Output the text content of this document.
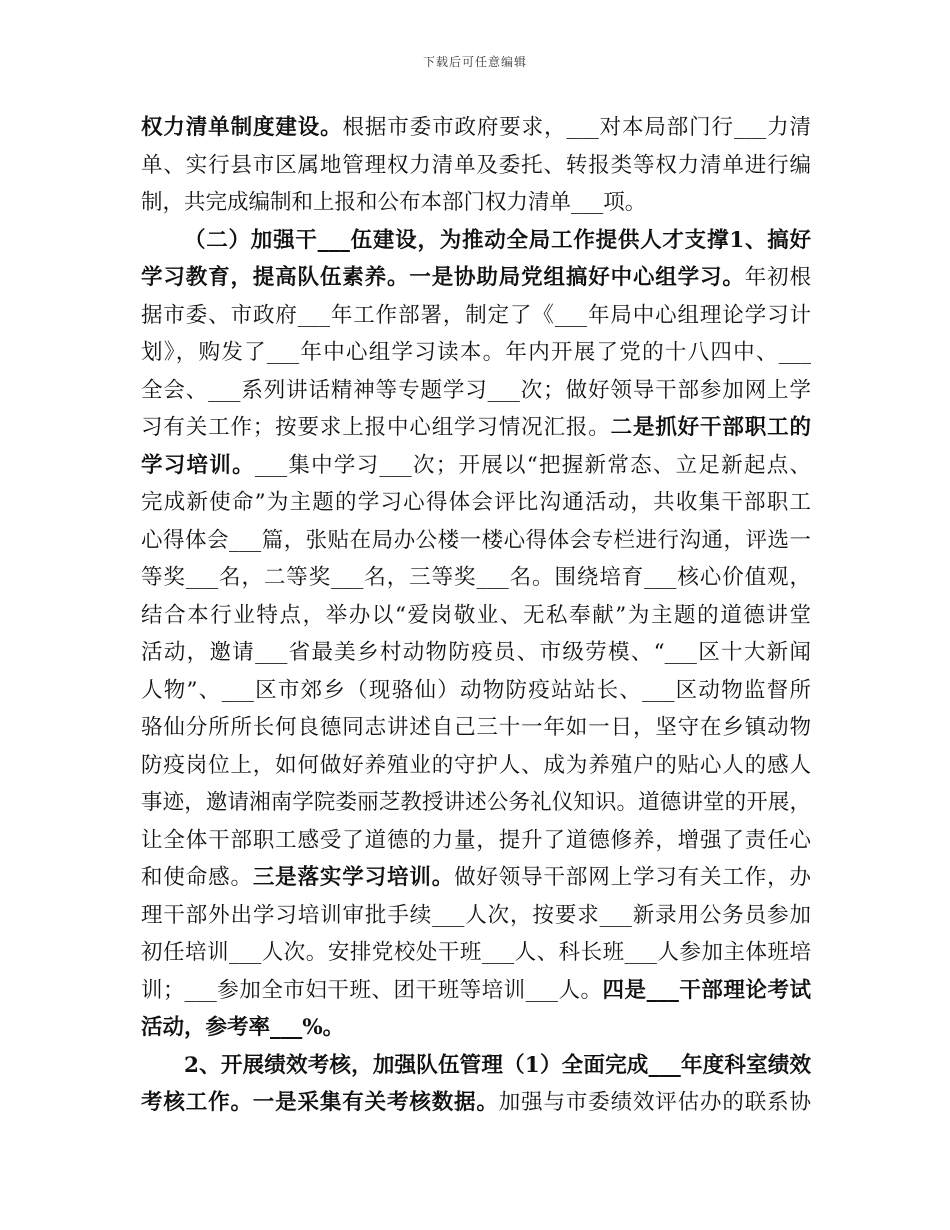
下载后可任意编辑
权力清单制度建设。根据市委市政府要求，___对本局部门行___力清
单、实行县市区属地管理权力清单及委托、转报类等权力清单进行编
制，共完成编制和上报和公布本部门权力清单___项。
（二）加强干___伍建设，为推动全局工作提供人才支撑1、搞好
学习教育，提高队伍素养。一是协助局党组搞好中心组学习。年初根
据市委、市政府___年工作部署，制定了《___年局中心组理论学习计
划》，购发了___年中心组学习读本。年内开展了党的十八四中、___
全会、___系列讲话精神等专题学习___次；做好领导干部参加网上学
习有关工作；按要求上报中心组学习情况汇报。二是抓好干部职工的
学习培训。___集中学习___次；开展以“把握新常态、立足新起点、
完成新使命”为主题的学习心得体会评比沟通活动，共收集干部职工
心得体会___篇，张贴在局办公楼一楼心得体会专栏进行沟通，评选一
等奖___名，二等奖___名，三等奖___名。围绕培育___核心价值观，
结合本行业特点，举办以“爱岗敬业、无私奉献”为主题的道德讲堂
活动，邀请___省最美乡村动物防疫员、市级劳模、“___区十大新闻
人物”、___区市郊乡（现骆仙）动物防疫站站长、___区动物监督所
骆仙分所所长何良德同志讲述自己三十一年如一日，坚守在乡镇动物
防疫岗位上，如何做好养殖业的守护人、成为养殖户的贴心人的感人
事迹，邀请湘南学院娄丽芝教授讲述公务礼仪知识。道德讲堂的开展，
让全体干部职工感受了道德的力量，提升了道德修养，增强了责任心
和使命感。三是落实学习培训。做好领导干部网上学习有关工作，办
理干部外出学习培训审批手续___人次，按要求___新录用公务员参加
初任培训___人次。安排党校处干班___人、科长班___人参加主体班培
训；___参加全市妇干班、团干班等培训___人。四是___干部理论考试
活动，参考率___%。
2、开展绩效考核，加强队伍管理（1）全面完成___年度科室绩效
考核工作。一是采集有关考核数据。加强与市委绩效评估办的联系协
